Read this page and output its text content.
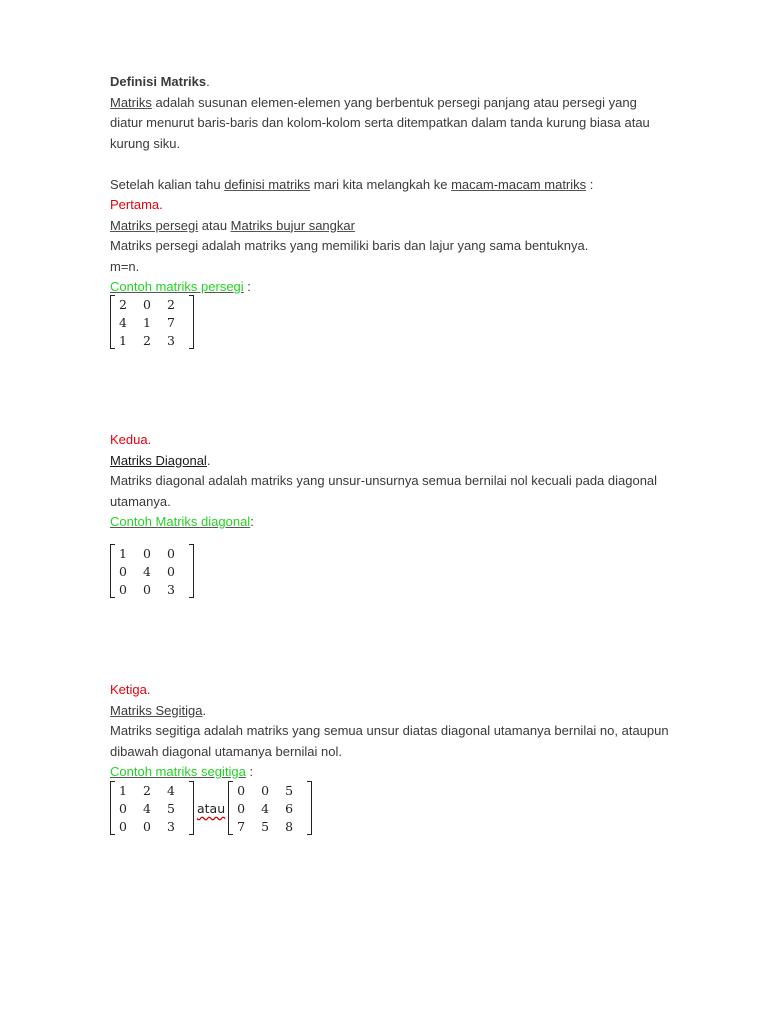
Definisi Matriks.

Matriks adalah susunan elemen-elemen yang berbentuk persegi panjang atau persegi yang

diatur menurut baris-baris dan kolom-kolom serta ditempatkan dalam tanda kurung biasa atau

kurung siku.

Setelah kalian tahu definisi matriks mari kita melangkah ke macam-macam matriks :

Pertama.

Matriks persegi atau Matriks bujur sangkar

Matriks persegi adalah matriks yang memiliki baris dan lajur yang sama bentuknya.

m=n.

Contoh matriks persegi :

2	0	2
4	1	7
1	2	3

Kedua.

Matriks Diagonal.

Matriks diagonal adalah matriks yang unsur-unsurnya semua bernilai nol kecuali pada diagonal

utamanya.

Contoh Matriks diagonal:

1	0	0
0	4	0
0	0	3

Ketiga.

Matriks Segitiga.

Matriks segitiga adalah matriks yang semua unsur diatas diagonal utamanya bernilai no, ataupun

dibawah diagonal utamanya bernilai nol.

Contoh matriks segitiga :

1	2	4
0	4	5
0	0	3
atau
0	0	5
0	4	6
7	5	8
